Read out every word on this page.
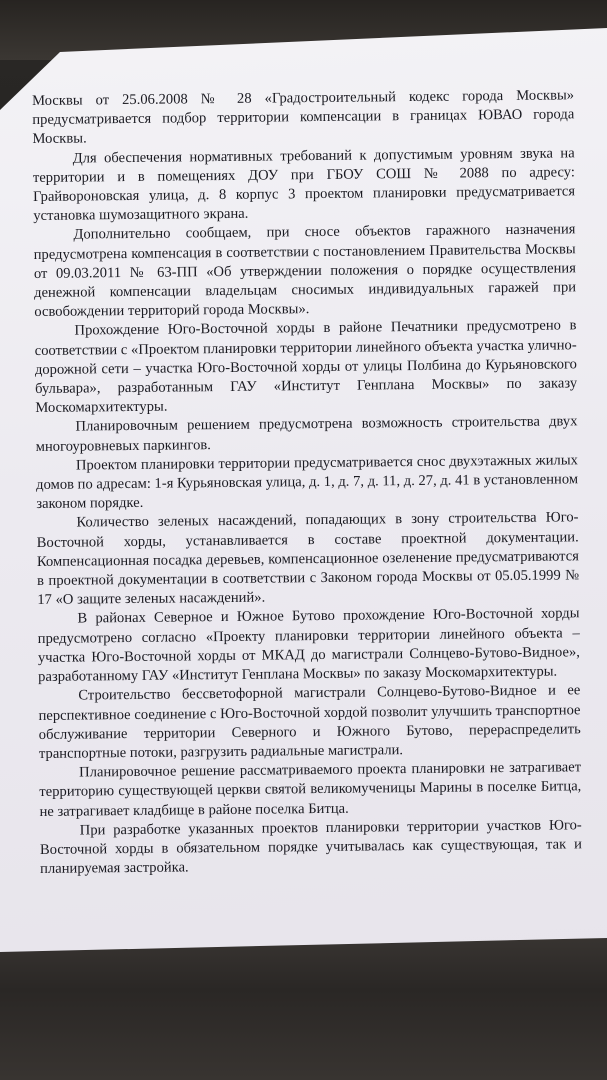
Москвы от 25.06.2008 № 28 «Градостроительный кодекс города Москвы» предусматривается подбор территории компенсации в границах ЮВАО города Москвы.

Для обеспечения нормативных требований к допустимым уровням звука на территории и в помещениях ДОУ при ГБОУ СОШ № 2088 по адресу: Грайвороновская улица, д. 8 корпус 3 проектом планировки предусматривается установка шумозащитного экрана.

Дополнительно сообщаем, при сносе объектов гаражного назначения предусмотрена компенсация в соответствии с постановлением Правительства Москвы от 09.03.2011 № 63-ПП «Об утверждении положения о порядке осуществления денежной компенсации владельцам сносимых индивидуальных гаражей при освобождении территорий города Москвы».

Прохождение Юго-Восточной хорды в районе Печатники предусмотрено в соответствии с «Проектом планировки территории линейного объекта участка улично-дорожной сети – участка Юго-Восточной хорды от улицы Полбина до Курьяновского бульвара», разработанным ГАУ «Институт Генплана Москвы» по заказу Москомархитектуры.

Планировочным решением предусмотрена возможность строительства двух многоуровневых паркингов.

Проектом планировки территории предусматривается снос двухэтажных жилых домов по адресам: 1-я Курьяновская улица, д. 1, д. 7, д. 11, д. 27, д. 41 в установленном законом порядке.

Количество зеленых насаждений, попадающих в зону строительства Юго-Восточной хорды, устанавливается в составе проектной документации. Компенсационная посадка деревьев, компенсационное озеленение предусматриваются в проектной документации в соответствии с Законом города Москвы от 05.05.1999 № 17 «О защите зеленых насаждений».

В районах Северное и Южное Бутово прохождение Юго-Восточной хорды предусмотрено согласно «Проекту планировки территории линейного объекта – участка Юго-Восточной хорды от МКАД до магистрали Солнцево-Бутово-Видное», разработанному ГАУ «Институт Генплана Москвы» по заказу Москомархитектуры.

Строительство бессветофорной магистрали Солнцево-Бутово-Видное и ее перспективное соединение с Юго-Восточной хордой позволит улучшить транспортное обслуживание территории Северного и Южного Бутово, перераспределить транспортные потоки, разгрузить радиальные магистрали.

Планировочное решение рассматриваемого проекта планировки не затрагивает территорию существующей церкви святой великомученицы Марины в поселке Битца, не затрагивает кладбище в районе поселка Битца.

При разработке указанных проектов планировки территории участков Юго-Восточной хорды в обязательном порядке учитывалась как существующая, так и планируемая застройка.
